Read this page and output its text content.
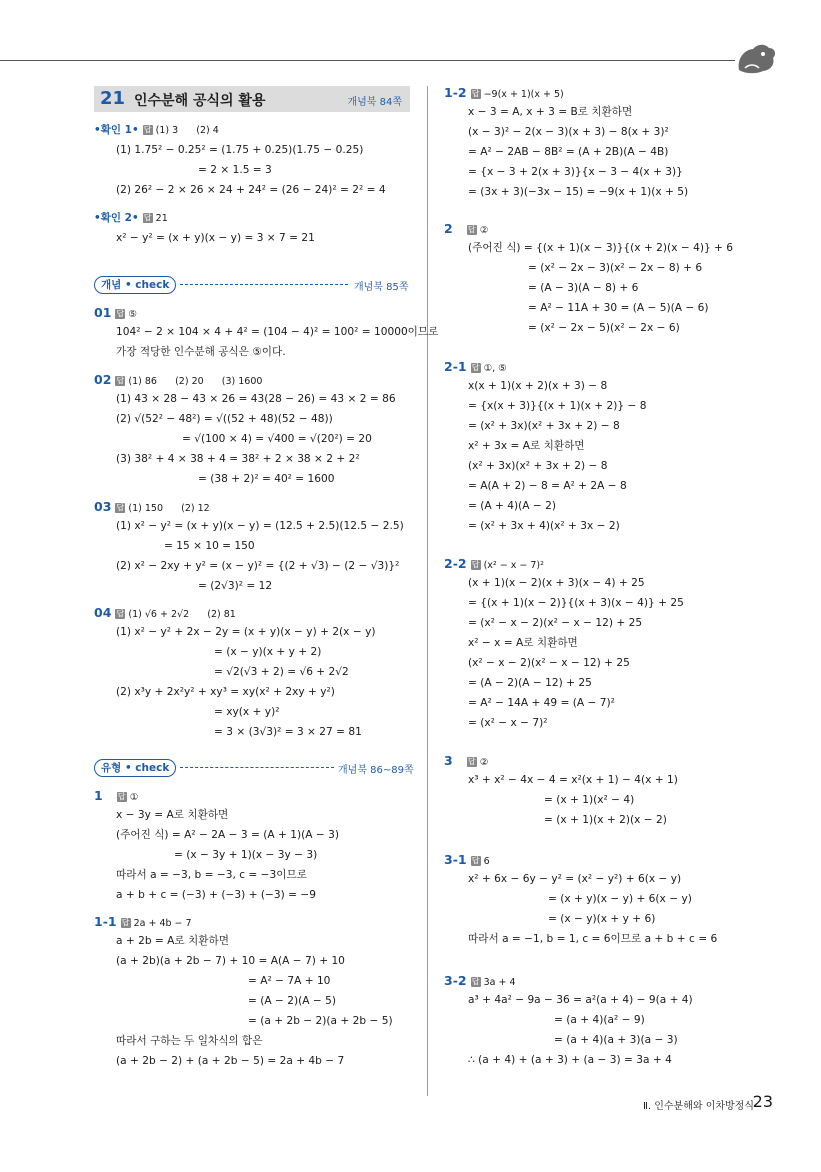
21 인수분해 공식의 활용	개념북 84쪽
•확인 1• 답 (1) 3      (2) 4
(1) 1.75² − 0.25² = (1.75 + 0.25)(1.75 − 0.25)
= 2 × 1.5 = 3
(2) 26² − 2 × 26 × 24 + 24² = (26 − 24)² = 2² = 4
•확인 2• 답 21
x² − y² = (x + y)(x − y) = 3 × 7 = 21
개념 • check	개념북 85쪽
01 답 ⑤
104² − 2 × 104 × 4 + 4² = (104 − 4)² = 100² = 10000이므로
가장 적당한 인수분해 공식은 ⑤이다.
02 답 (1) 86      (2) 20      (3) 1600
(1) 43 × 28 − 43 × 26 = 43(28 − 26) = 43 × 2 = 86
(2) √(52² − 48²) = √((52 + 48)(52 − 48))
= √(100 × 4) = √400 = √(20²) = 20
(3) 38² + 4 × 38 + 4 = 38² + 2 × 38 × 2 + 2²
= (38 + 2)² = 40² = 1600
03 답 (1) 150      (2) 12
(1) x² − y² = (x + y)(x − y) = (12.5 + 2.5)(12.5 − 2.5)
= 15 × 10 = 150
(2) x² − 2xy + y² = (x − y)² = {(2 + √3) − (2 − √3)}²
= (2√3)² = 12
04 답 (1) √6 + 2√2      (2) 81
(1) x² − y² + 2x − 2y = (x + y)(x − y) + 2(x − y)
= (x − y)(x + y + 2)
= √2(√3 + 2) = √6 + 2√2
(2) x³y + 2x²y² + xy³ = xy(x² + 2xy + y²)
= xy(x + y)²
= 3 × (3√3)² = 3 × 27 = 81
유형 • check	개념북 86~89쪽
1 답 ①
x − 3y = A로 치환하면
(주어진 식) = A² − 2A − 3 = (A + 1)(A − 3)
= (x − 3y + 1)(x − 3y − 3)
따라서 a = −3, b = −3, c = −3이므로
a + b + c = (−3) + (−3) + (−3) = −9
1-1 답 2a + 4b − 7
a + 2b = A로 치환하면
(a + 2b)(a + 2b − 7) + 10 = A(A − 7) + 10
= A² − 7A + 10
= (A − 2)(A − 5)
= (a + 2b − 2)(a + 2b − 5)
따라서 구하는 두 일차식의 합은
(a + 2b − 2) + (a + 2b − 5) = 2a + 4b − 7
1-2 답 −9(x + 1)(x + 5)
x − 3 = A, x + 3 = B로 치환하면
(x − 3)² − 2(x − 3)(x + 3) − 8(x + 3)²
= A² − 2AB − 8B² = (A + 2B)(A − 4B)
= {x − 3 + 2(x + 3)}{x − 3 − 4(x + 3)}
= (3x + 3)(−3x − 15) = −9(x + 1)(x + 5)
2 답 ②
(주어진 식) = {(x + 1)(x − 3)}{(x + 2)(x − 4)} + 6
= (x² − 2x − 3)(x² − 2x − 8) + 6
= (A − 3)(A − 8) + 6
= A² − 11A + 30 = (A − 5)(A − 6)
= (x² − 2x − 5)(x² − 2x − 6)
2-1 답 ①, ⑤
x(x + 1)(x + 2)(x + 3) − 8
= {x(x + 3)}{(x + 1)(x + 2)} − 8
= (x² + 3x)(x² + 3x + 2) − 8
x² + 3x = A로 치환하면
(x² + 3x)(x² + 3x + 2) − 8
= A(A + 2) − 8 = A² + 2A − 8
= (A + 4)(A − 2)
= (x² + 3x + 4)(x² + 3x − 2)
2-2 답 (x² − x − 7)²
(x + 1)(x − 2)(x + 3)(x − 4) + 25
= {(x + 1)(x − 2)}{(x + 3)(x − 4)} + 25
= (x² − x − 2)(x² − x − 12) + 25
x² − x = A로 치환하면
(x² − x − 2)(x² − x − 12) + 25
= (A − 2)(A − 12) + 25
= A² − 14A + 49 = (A − 7)²
= (x² − x − 7)²
3 답 ②
x³ + x² − 4x − 4 = x²(x + 1) − 4(x + 1)
= (x + 1)(x² − 4)
= (x + 1)(x + 2)(x − 2)
3-1 답 6
x² + 6x − 6y − y² = (x² − y²) + 6(x − y)
= (x + y)(x − y) + 6(x − y)
= (x − y)(x + y + 6)
따라서 a = −1, b = 1, c = 6이므로 a + b + c = 6
3-2 답 3a + 4
a³ + 4a² − 9a − 36 = a²(a + 4) − 9(a + 4)
= (a + 4)(a² − 9)
= (a + 4)(a + 3)(a − 3)
∴ (a + 4) + (a + 3) + (a − 3) = 3a + 4
Ⅱ. 인수분해와 이차방정식
23
